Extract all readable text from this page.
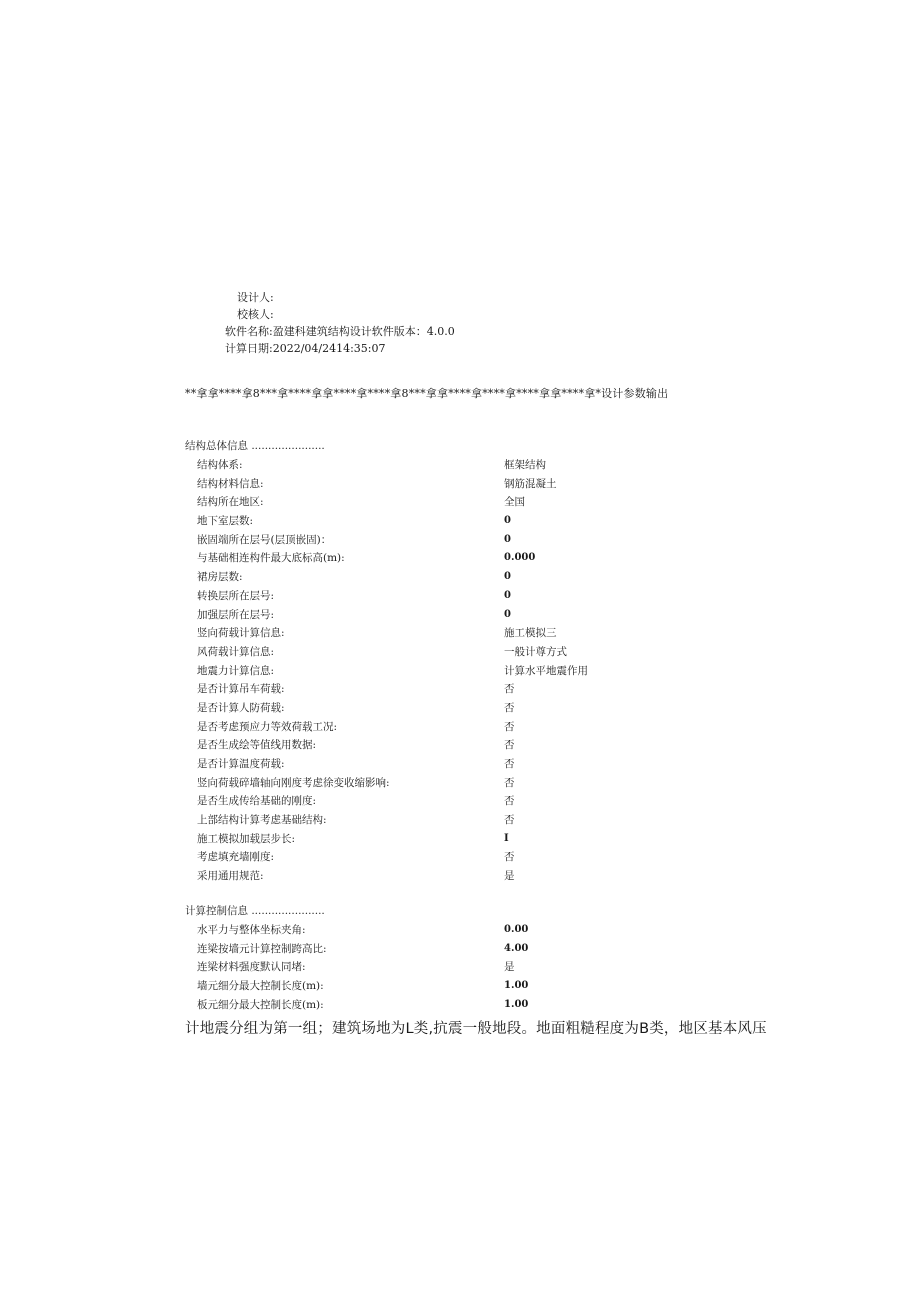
设计人:
校核人:
软件名称:盈建科建筑结构设计软件版本：4.0.0
计算日期:2022/04/2414:35:07
**拿拿****拿8***拿****拿拿****拿****拿8***拿拿****拿****拿****拿拿****拿*设计参数输出
结构总体信息 ......................
结构体系:	框架结构
结构材料信息:	钢筋混凝土
结构所在地区:	全国
地下室层数:	0
嵌固端所在层号(层顶嵌固)：	0
与基础相连构件最大底标高(m):	0.000
裙房层数:	0
转换层所在层号:	0
加强层所在层号:	0
竖向荷载计算信息:	施工模拟三
风荷载计算信息:	一般计尊方式
地震力计算信息:	计算水平地震作用
是否计算吊车荷载:	否
是否计算人防荷载:	否
是否考虑预应力等效荷载工况:	否
是否生成绘等值线用数据:	否
是否计算温度荷载:	否
竖向荷载碎墙轴向刚度考虑徐变收缩影响:	否
是否生成传给基础的刚度:	否
上部结构计算考虑基础结构:	否
施工模拟加载层步长:	I
考虑填充墙刚度:	否
采用通用规范:	是
计算控制信息 ......................
水平力与整体坐标夹角:	0.00
连梁按墙元计算控制跨高比:	4.00
连梁材料强度默认同堵:	是
墙元细分最大控制长度(m):	1.00
板元细分最大控制长度(m):	1.00
计地震分组为第一组；建筑场地为L类,抗震一般地段。地面粗糙程度为B类，地区基本风压
